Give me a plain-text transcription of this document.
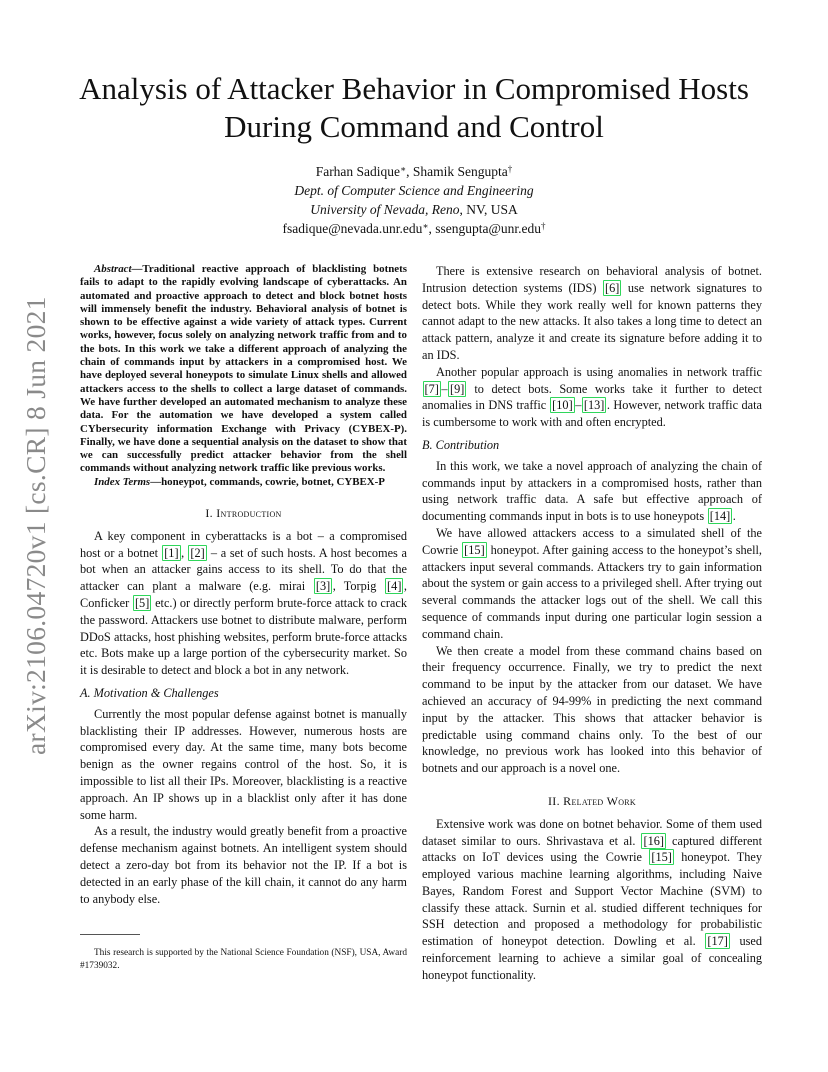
arXiv:2106.04720v1 [cs.CR] 8 Jun 2021
Analysis of Attacker Behavior in Compromised Hosts During Command and Control
Farhan Sadique∗, Shamik Sengupta†
Dept. of Computer Science and Engineering
University of Nevada, Reno, NV, USA
fsadique@nevada.unr.edu∗, ssengupta@unr.edu†

Abstract—Traditional reactive approach of blacklisting botnets fails to adapt to the rapidly evolving landscape of cyberattacks. An automated and proactive approach to detect and block botnet hosts will immensely benefit the industry. Behavioral analysis of botnet is shown to be effective against a wide variety of attack types. Current works, however, focus solely on analyzing network traffic from and to the bots. In this work we take a different approach of analyzing the chain of commands input by attackers in a compromised host. We have deployed several honeypots to simulate Linux shells and allowed attackers access to the shells to collect a large dataset of commands. We have further developed an automated mechanism to analyze these data. For the automation we have developed a system called CYbersecurity information Exchange with Privacy (CYBEX-P). Finally, we have done a sequential analysis on the dataset to show that we can successfully predict attacker behavior from the shell commands without analyzing network traffic like previous works.

Index Terms—honeypot, commands, cowrie, botnet, CYBEX-P

I. Introduction

A key component in cyberattacks is a bot – a compromised host or a botnet [1] , [2] – a set of such hosts. A host becomes a bot when an attacker gains access to its shell. To do that the attacker can plant a malware (e.g. mirai [3] , Torpig [4] , Conficker [5] etc.) or directly perform brute-force attack to crack the password. Attackers use botnet to distribute malware, perform DDoS attacks, host phishing websites, perform brute-force attacks etc. Bots make up a large portion of the cybersecurity market. So it is desirable to detect and block a bot in any network.

A. Motivation & Challenges

Currently the most popular defense against botnet is manually blacklisting their IP addresses. However, numerous hosts are compromised every day. At the same time, many bots become benign as the owner regains control of the host. So, it is impossible to list all their IPs. Moreover, blacklisting is a reactive approach. An IP shows up in a blacklist only after it has done some harm.

As a result, the industry would greatly benefit from a proactive defense mechanism against botnets. An intelligent system should detect a zero-day bot from its behavior not the IP. If a bot is detected in an early phase of the kill chain, it cannot do any harm to anybody else.

This research is supported by the National Science Foundation (NSF), USA, Award #1739032.

There is extensive research on behavioral analysis of botnet. Intrusion detection systems (IDS) [6] use network signatures to detect bots. While they work really well for known patterns they cannot adapt to the new attacks. It also takes a long time to detect an attack pattern, analyze it and create its signature before adding it to an IDS.

Another popular approach is using anomalies in network traffic [7] – [9] to detect bots. Some works take it further to detect anomalies in DNS traffic [10] – [13] . However, network traffic data is cumbersome to work with and often encrypted.

B. Contribution

In this work, we take a novel approach of analyzing the chain of commands input by attackers in a compromised hosts, rather than using network traffic data. A safe but effective approach of documenting commands input in bots is to use honeypots [14] .

We have allowed attackers access to a simulated shell of the Cowrie [15] honeypot. After gaining access to the honeypot’s shell, attackers input several commands. Attackers try to gain information about the system or gain access to a privileged shell. After trying out several commands the attacker logs out of the shell. We call this sequence of commands input during one particular login session a command chain.

We then create a model from these command chains based on their frequency occurrence. Finally, we try to predict the next command to be input by the attacker from our dataset. We have achieved an accuracy of 94-99% in predicting the next command input by the attacker. This shows that attacker behavior is predictable using command chains only. To the best of our knowledge, no previous work has looked into this behavior of botnets and our approach is a novel one.

II. Related Work

Extensive work was done on botnet behavior. Some of them used dataset similar to ours. Shrivastava et al. [16] captured different attacks on IoT devices using the Cowrie [15] honeypot. They employed various machine learning algorithms, including Naive Bayes, Random Forest and Support Vector Machine (SVM) to classify these attack. Surnin et al. studied different techniques for SSH detection and proposed a methodology for probabilistic estimation of honeypot detection. Dowling et al. [17] used reinforcement learning to achieve a similar goal of concealing honeypot functionality.
